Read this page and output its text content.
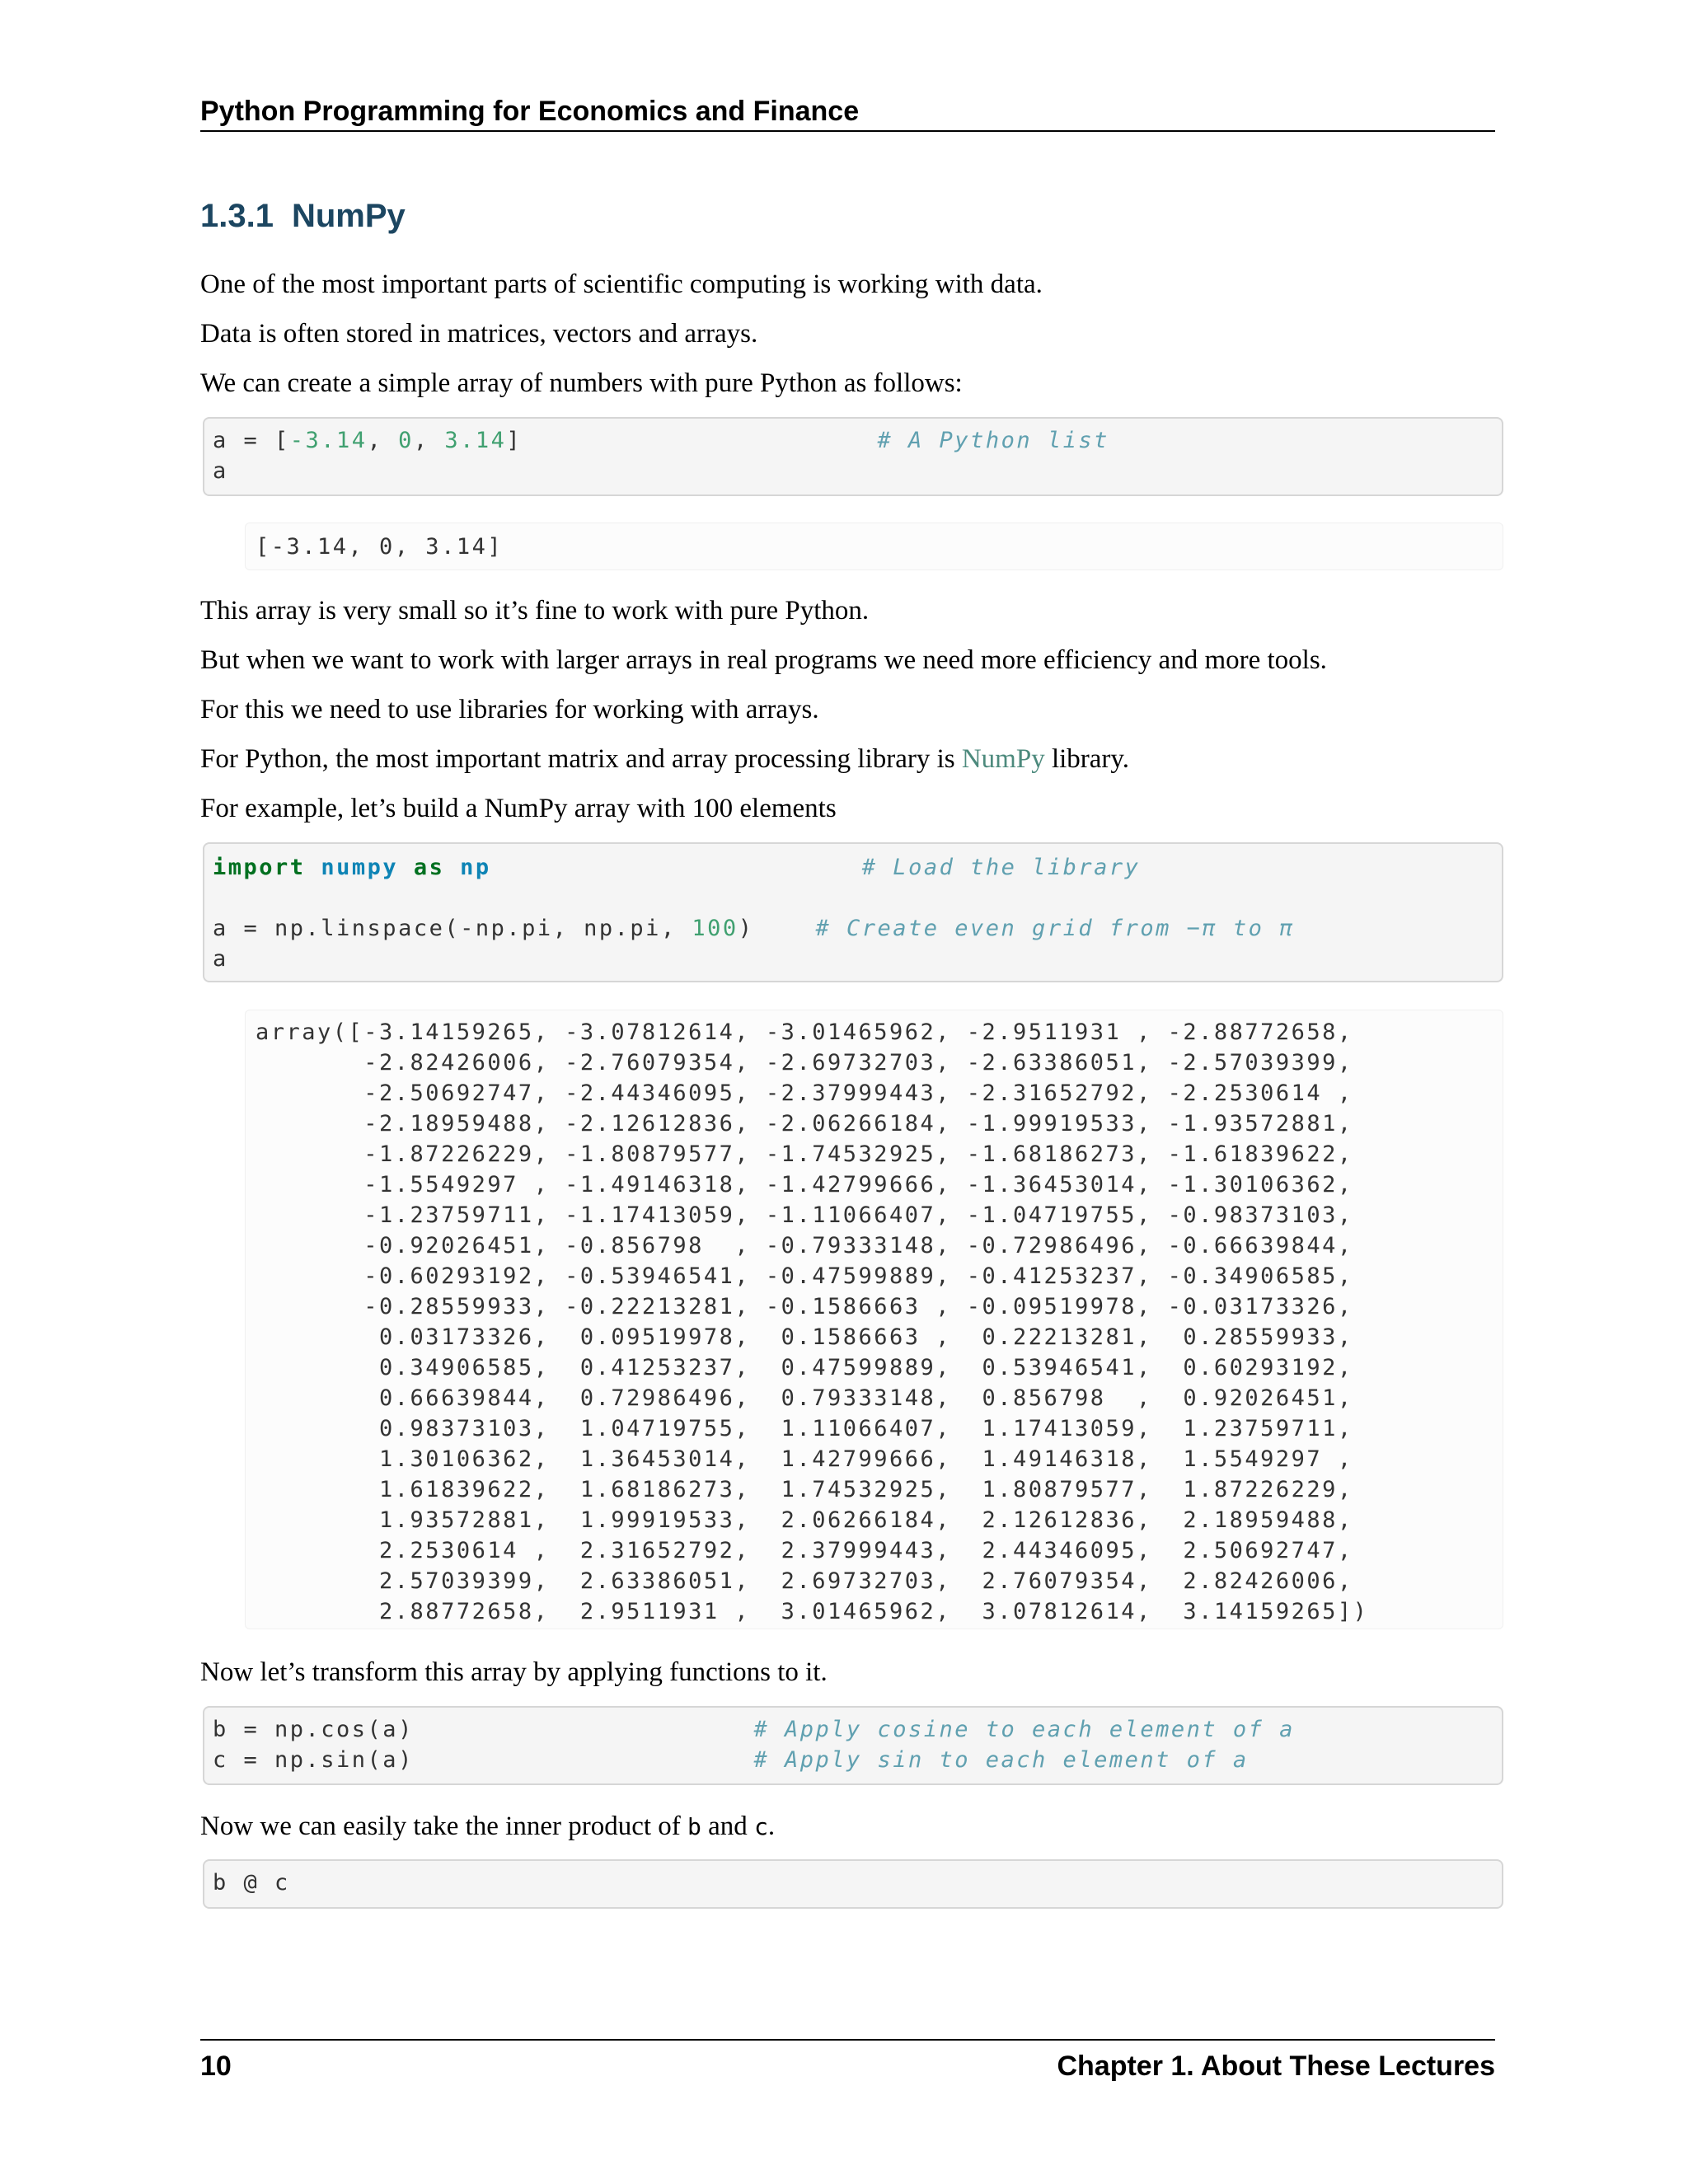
Python Programming for Economics and Finance
1.3.1 NumPy

One of the most important parts of scientific computing is working with data.

Data is often stored in matrices, vectors and arrays.

We can create a simple array of numbers with pure Python as follows:

a = [-3.14, 0, 3.14]                       # A Python list
a
[-3.14, 0, 3.14]

This array is very small so it’s fine to work with pure Python.

But when we want to work with larger arrays in real programs we need more efficiency and more tools.

For this we need to use libraries for working with arrays.

For Python, the most important matrix and array processing library is NumPy library.

For example, let’s build a NumPy array with 100 elements

import numpy as np	# Load the library
a = np.linspace(-np.pi, np.pi, 100)    # Create even grid from −π to π
a
array([-3.14159265, -3.07812614, -3.01465962, -2.9511931 , -2.88772658,
-2.82426006, -2.76079354, -2.69732703, -2.63386051, -2.57039399,
-2.50692747, -2.44346095, -2.37999443, -2.31652792, -2.2530614 ,
-2.18959488, -2.12612836, -2.06266184, -1.99919533, -1.93572881,
-1.87226229, -1.80879577, -1.74532925, -1.68186273, -1.61839622,
-1.5549297 , -1.49146318, -1.42799666, -1.36453014, -1.30106362,
-1.23759711, -1.17413059, -1.11066407, -1.04719755, -0.98373103,
-0.92026451, -0.856798  , -0.79333148, -0.72986496, -0.66639844,
-0.60293192, -0.53946541, -0.47599889, -0.41253237, -0.34906585,
-0.28559933, -0.22213281, -0.1586663 , -0.09519978, -0.03173326,
0.03173326,  0.09519978,  0.1586663 ,  0.22213281,  0.28559933,
0.34906585,  0.41253237,  0.47599889,  0.53946541,  0.60293192,
0.66639844,  0.72986496,  0.79333148,  0.856798  ,  0.92026451,
0.98373103,  1.04719755,  1.11066407,  1.17413059,  1.23759711,
1.30106362,  1.36453014,  1.42799666,  1.49146318,  1.5549297 ,
1.61839622,  1.68186273,  1.74532925,  1.80879577,  1.87226229,
1.93572881,  1.99919533,  2.06266184,  2.12612836,  2.18959488,
2.2530614 ,  2.31652792,  2.37999443,  2.44346095,  2.50692747,
2.57039399,  2.63386051,  2.69732703,  2.76079354,  2.82426006,
2.88772658,  2.9511931 ,  3.01465962,  3.07812614,  3.14159265])

Now let’s transform this array by applying functions to it.

b = np.cos(a)                      # Apply cosine to each element of a
c = np.sin(a)                      # Apply sin to each element of a

Now we can easily take the inner product of b and c.

b @ c
10	Chapter 1. About These Lectures
